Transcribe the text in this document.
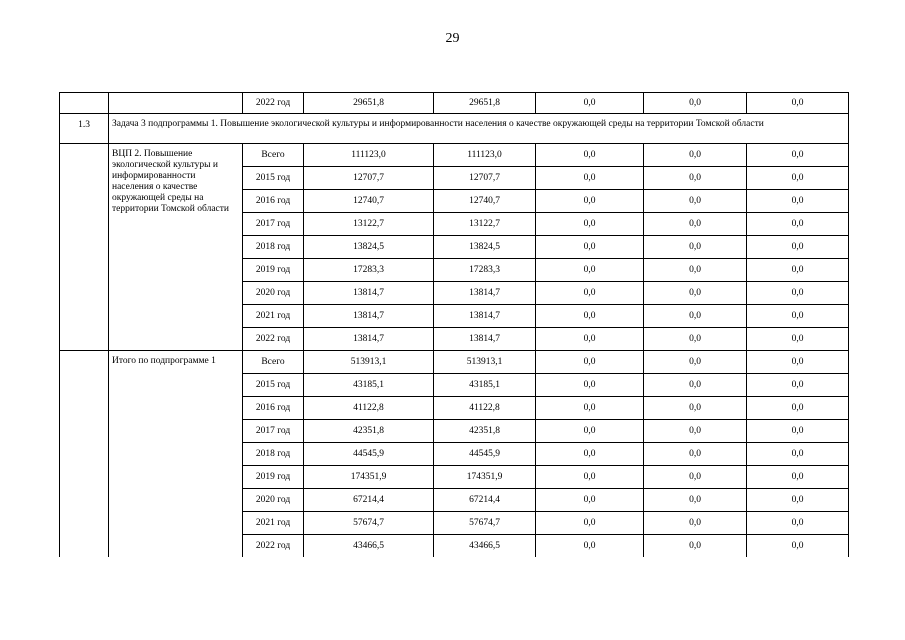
29
		2022 год	29651,8	29651,8	0,0	0,0	0,0
1.3	Задача 3 подпрограммы 1. Повышение экологической культуры и информированности населения о качестве окружающей среды на территории Томской области						
	ВЦП 2. Повышение экологической культуры и информированности населения о качестве окружающей среды на территории Томской области	Всего	111123,0	111123,0	0,0	0,0	0,0
		2015 год	12707,7	12707,7	0,0	0,0	0,0
		2016 год	12740,7	12740,7	0,0	0,0	0,0
		2017 год	13122,7	13122,7	0,0	0,0	0,0
		2018 год	13824,5	13824,5	0,0	0,0	0,0
		2019 год	17283,3	17283,3	0,0	0,0	0,0
		2020 год	13814,7	13814,7	0,0	0,0	0,0
		2021 год	13814,7	13814,7	0,0	0,0	0,0
		2022 год	13814,7	13814,7	0,0	0,0	0,0
	Итого по подпрограмме 1	Всего	513913,1	513913,1	0,0	0,0	0,0
		2015 год	43185,1	43185,1	0,0	0,0	0,0
		2016 год	41122,8	41122,8	0,0	0,0	0,0
		2017 год	42351,8	42351,8	0,0	0,0	0,0
		2018 год	44545,9	44545,9	0,0	0,0	0,0
		2019 год	174351,9	174351,9	0,0	0,0	0,0
		2020 год	67214,4	67214,4	0,0	0,0	0,0
		2021 год	57674,7	57674,7	0,0	0,0	0,0
		2022 год	43466,5	43466,5	0,0	0,0	0,0
